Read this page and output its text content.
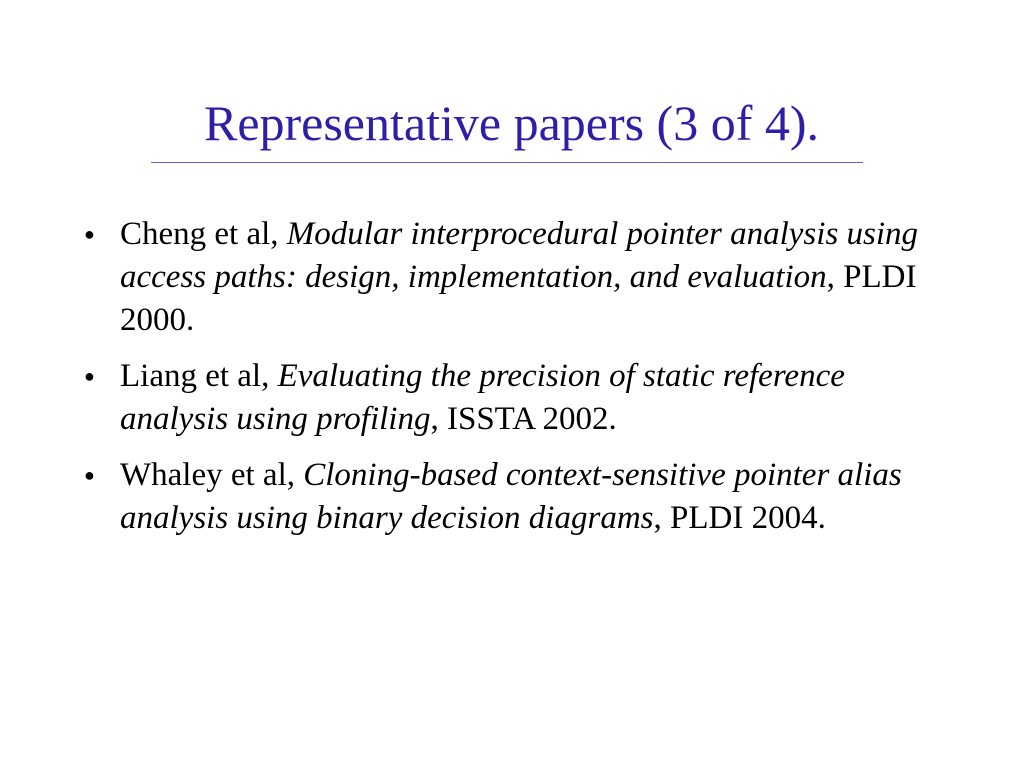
Representative papers (3 of 4).
● Cheng et al, Modular interprocedural pointer analysis using access paths: design, implementation, and evaluation, PLDI 2000.
● Liang et al, Evaluating the precision of static reference analysis using profiling, ISSTA 2002.
● Whaley et al, Cloning-based context-sensitive pointer alias analysis using binary decision diagrams, PLDI 2004.
